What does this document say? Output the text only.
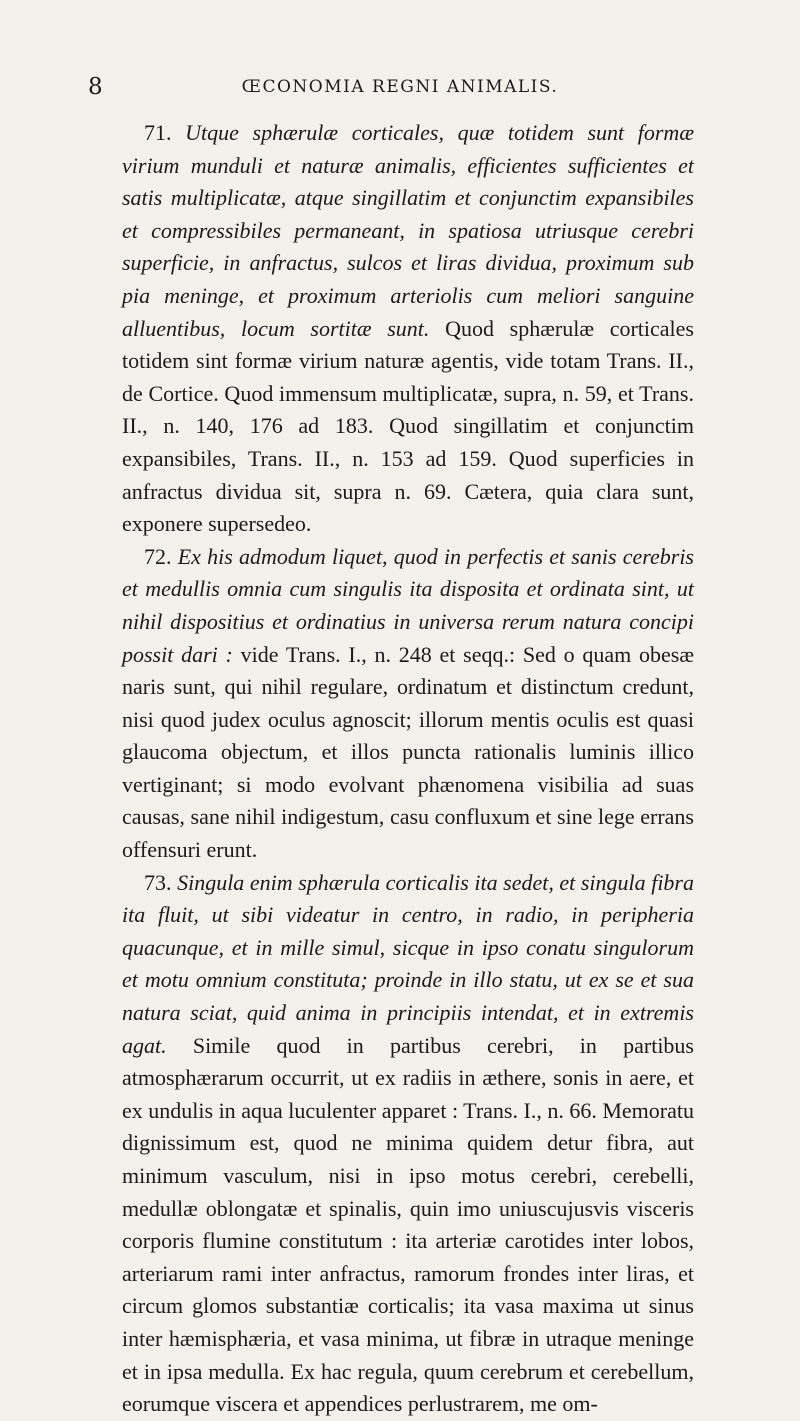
8	ŒCONOMIA REGNI ANIMALIS.

71. Utque sphærulæ corticales, quæ totidem sunt formæ virium munduli et naturæ animalis, efficientes sufficientes et satis multiplicatæ, atque singillatim et conjunctim expansibiles et compressibiles permaneant, in spatiosa utriusque cerebri superficie, in anfractus, sulcos et liras dividua, proximum sub pia meninge, et proximum arteriolis cum meliori sanguine alluentibus, locum sortitæ sunt. Quod sphærulæ corticales totidem sint formæ virium naturæ agentis, vide totam Trans. II., de Cortice. Quod immensum multiplicatæ, supra, n. 59, et Trans. II., n. 140, 176 ad 183. Quod singillatim et conjunctim expansibiles, Trans. II., n. 153 ad 159. Quod superficies in anfractus dividua sit, supra n. 69. Cætera, quia clara sunt, exponere supersedeo.

72. Ex his admodum liquet, quod in perfectis et sanis cerebris et medullis omnia cum singulis ita disposita et ordinata sint, ut nihil dispositius et ordinatius in universa rerum natura concipi possit dari : vide Trans. I., n. 248 et seqq.: Sed o quam obesæ naris sunt, qui nihil regulare, ordinatum et distinctum credunt, nisi quod judex oculus agnoscit; illorum mentis oculis est quasi glaucoma objectum, et illos puncta rationalis luminis illico vertiginant; si modo evolvant phænomena visibilia ad suas causas, sane nihil indigestum, casu confluxum et sine lege errans offensuri erunt.

73. Singula enim sphærula corticalis ita sedet, et singula fibra ita fluit, ut sibi videatur in centro, in radio, in peripheria quacunque, et in mille simul, sicque in ipso conatu singulorum et motu omnium constituta; proinde in illo statu, ut ex se et sua natura sciat, quid anima in principiis intendat, et in extremis agat. Simile quod in partibus cerebri, in partibus atmosphærarum occurrit, ut ex radiis in æthere, sonis in aere, et ex undulis in aqua luculenter apparet : Trans. I., n. 66. Memoratu dignissimum est, quod ne minima quidem detur fibra, aut minimum vasculum, nisi in ipso motus cerebri, cerebelli, medullæ oblongatæ et spinalis, quin imo uniuscujusvis visceris corporis flumine constitutum : ita arteriæ carotides inter lobos, arteriarum rami inter anfractus, ramorum frondes inter liras, et circum glomos substantiæ corticalis; ita vasa maxima ut sinus inter hæmisphæria, et vasa minima, ut fibræ in utraque meninge et in ipsa medulla. Ex hac regula, quum cerebrum et cerebellum, eorumque viscera et appendices perlustrarem, me om-
